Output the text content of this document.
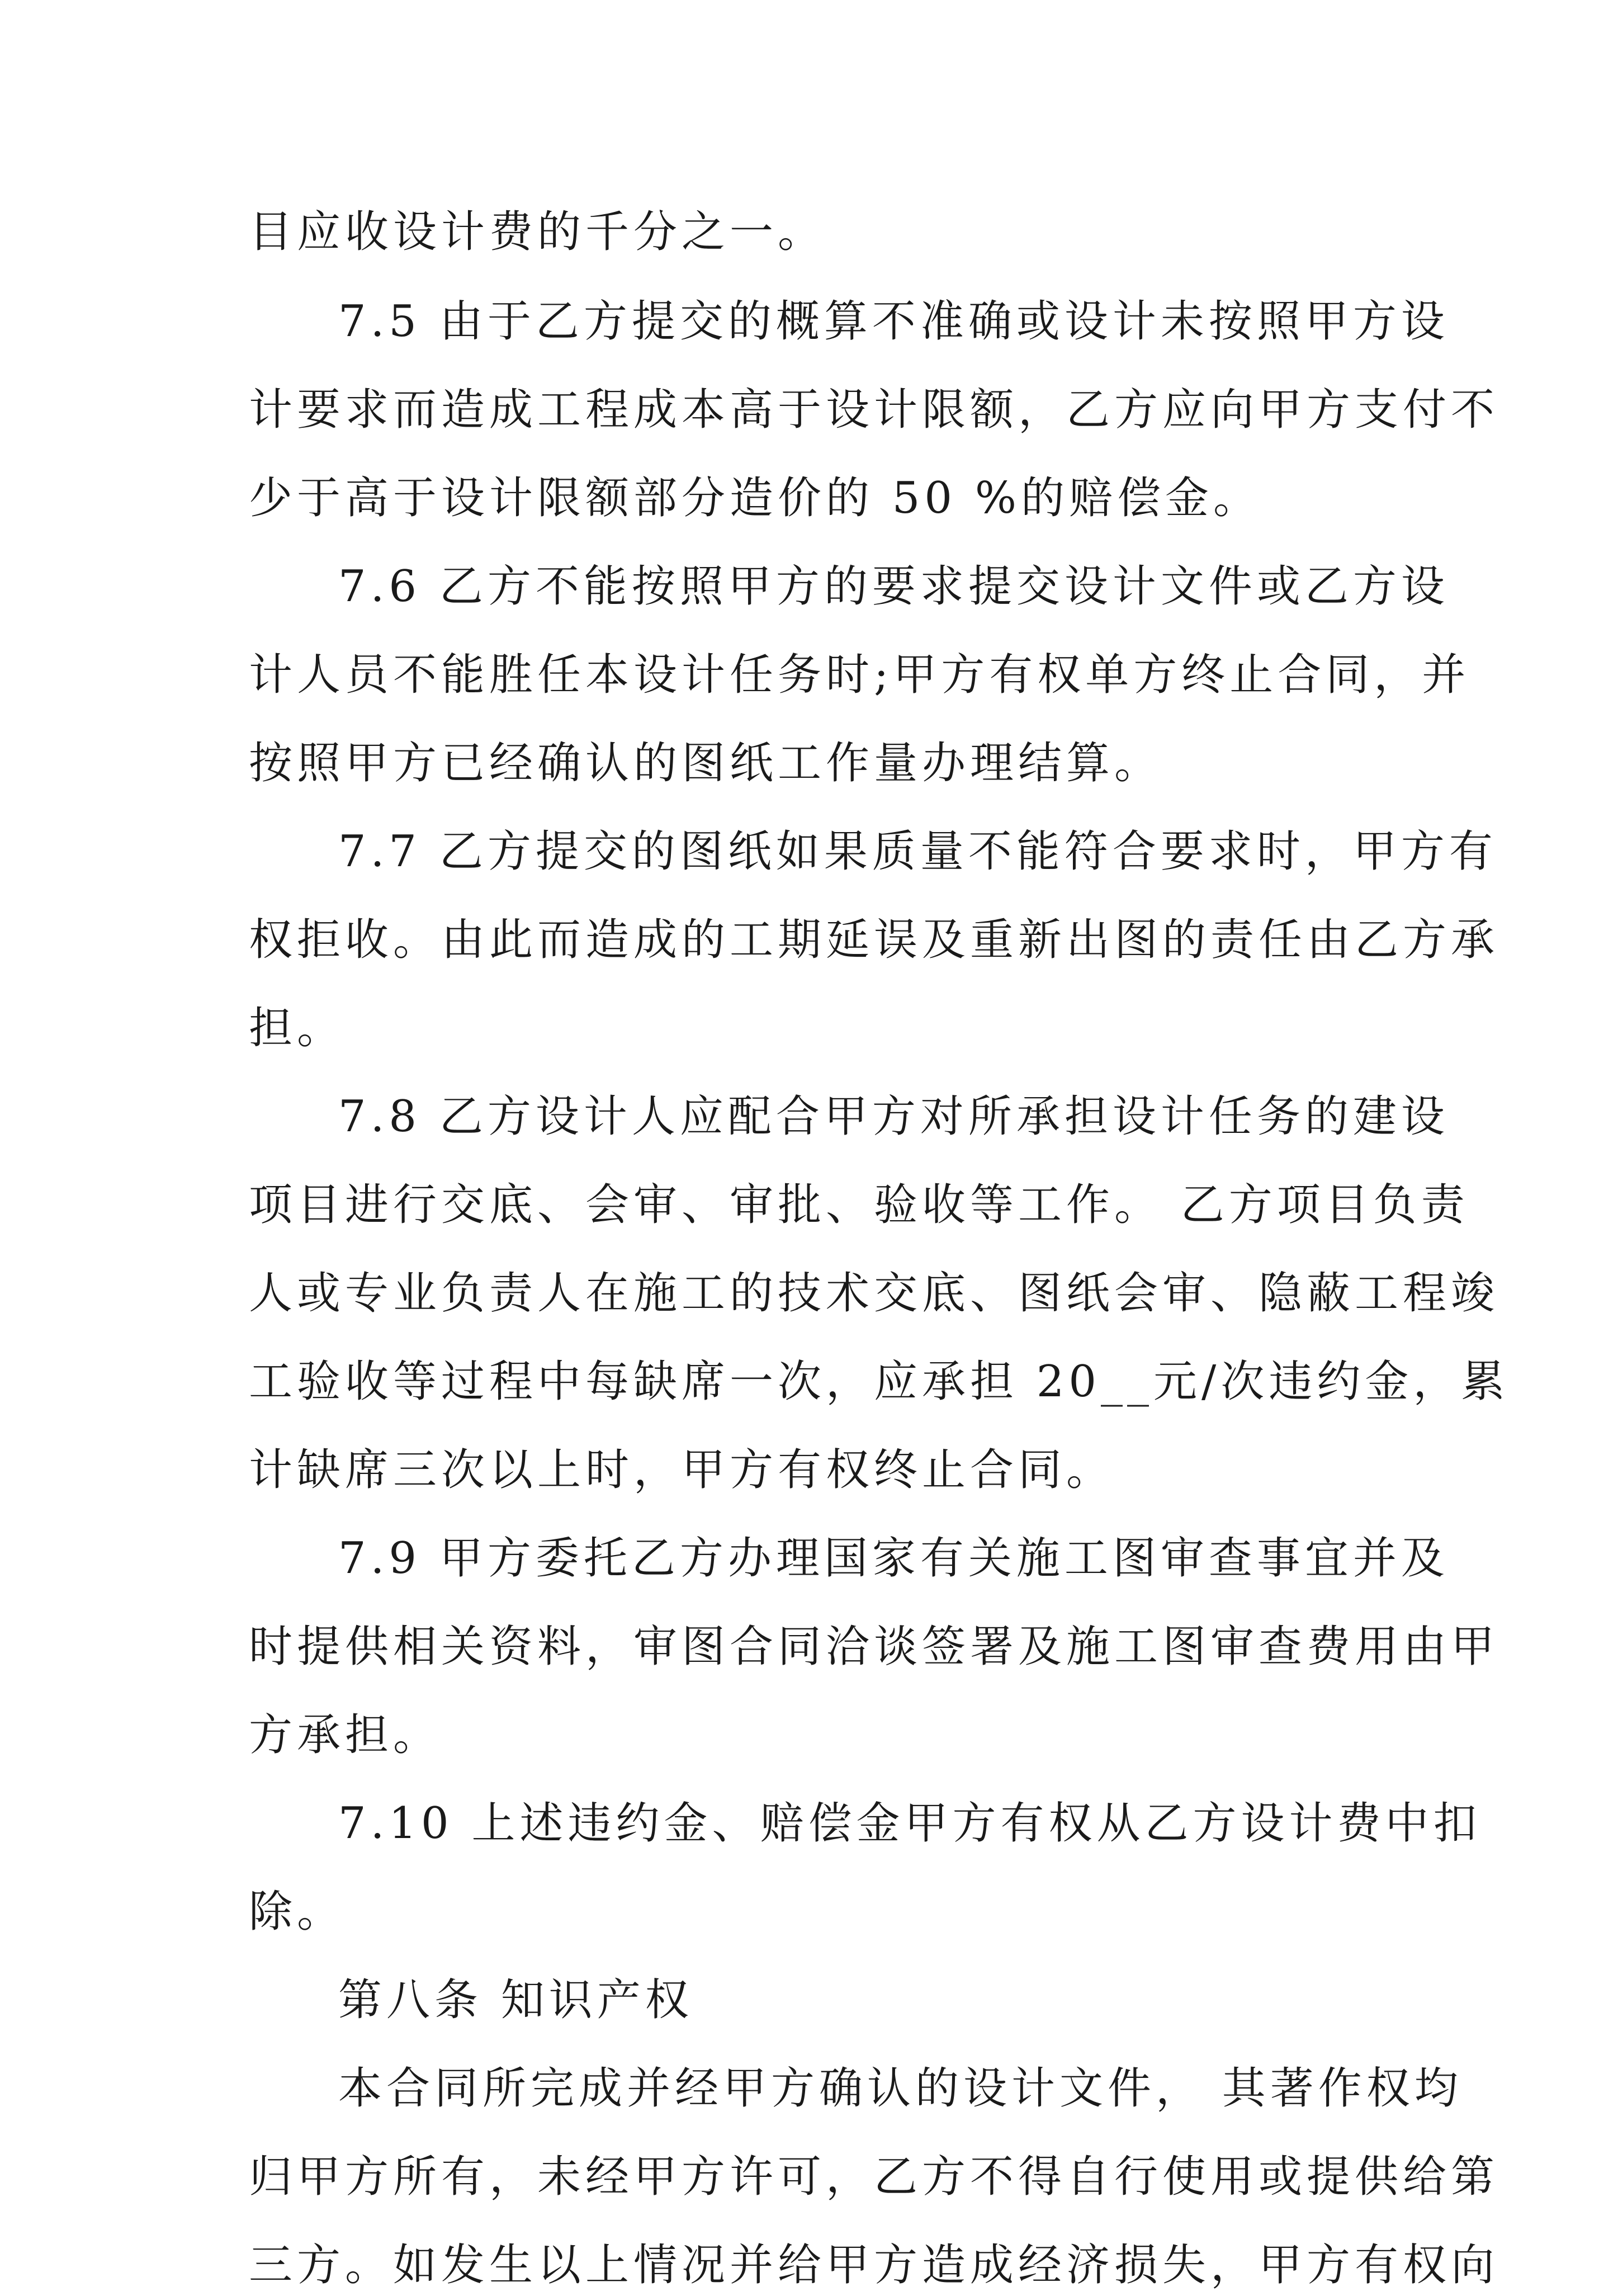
目应收设计费的千分之一。
7.5 由于乙方提交的概算不准确或设计未按照甲方设
计要求而造成工程成本高于设计限额，乙方应向甲方支付不
少于高于设计限额部分造价的 50 %的赔偿金。
7.6 乙方不能按照甲方的要求提交设计文件或乙方设
计人员不能胜任本设计任务时;甲方有权单方终止合同，并
按照甲方已经确认的图纸工作量办理结算。
7.7 乙方提交的图纸如果质量不能符合要求时，甲方有
权拒收。由此而造成的工期延误及重新出图的责任由乙方承
担。
7.8 乙方设计人应配合甲方对所承担设计任务的建设
项目进行交底、会审、审批、验收等工作。 乙方项目负责
人或专业负责人在施工的技术交底、图纸会审、隐蔽工程竣
工验收等过程中每缺席一次，应承担 20__元/次违约金，累
计缺席三次以上时，甲方有权终止合同。
7.9 甲方委托乙方办理国家有关施工图审查事宜并及
时提供相关资料，审图合同洽谈签署及施工图审查费用由甲
方承担。
7.10 上述违约金、赔偿金甲方有权从乙方设计费中扣
除。
第八条 知识产权
本合同所完成并经甲方确认的设计文件， 其著作权均
归甲方所有，未经甲方许可，乙方不得自行使用或提供给第
三方。如发生以上情况并给甲方造成经济损失，甲方有权向
